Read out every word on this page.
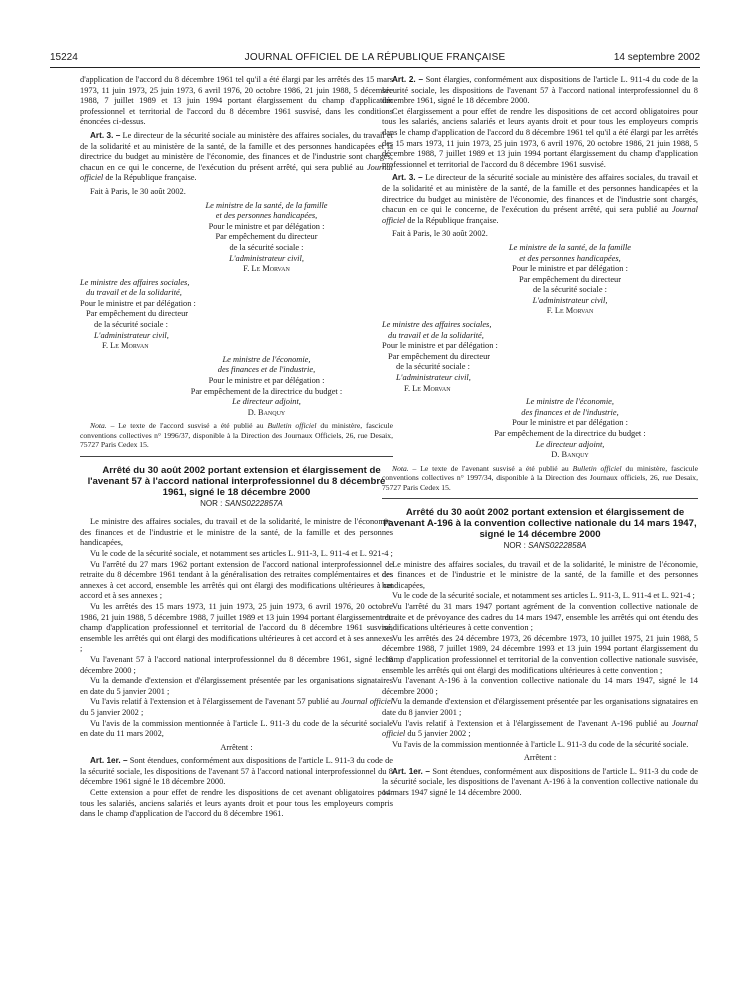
15224	JOURNAL OFFICIEL DE LA RÉPUBLIQUE FRANÇAISE	14 septembre 2002

d'application de l'accord du 8 décembre 1961 tel qu'il a été élargi par les arrêtés des 15 mars 1973, 11 juin 1973, 25 juin 1973, 6 avril 1976, 20 octobre 1986, 21 juin 1988, 5 décembre 1988, 7 juillet 1989 et 13 juin 1994 portant élargissement du champ d'application professionnel et territorial de l'accord du 8 décembre 1961 susvisé, dans les conditions énoncées ci-dessus.

Art. 3. – Le directeur de la sécurité sociale au ministère des affaires sociales, du travail et de la solidarité et au ministère de la santé, de la famille et des personnes handicapées et la directrice du budget au ministère de l'économie, des finances et de l'industrie sont chargés, chacun en ce qui le concerne, de l'exécution du présent arrêté, qui sera publié au Journal officiel de la République française.

Fait à Paris, le 30 août 2002.

Le ministre de la santé, de la famille
et des personnes handicapées,
Pour le ministre et par délégation :
Par empêchement du directeur
de la sécurité sociale :
L'administrateur civil,
F. Le Morvan
Le ministre des affaires sociales,
du travail et de la solidarité,
Pour le ministre et par délégation :
Par empêchement du directeur
de la sécurité sociale :
L'administrateur civil,
F. Le Morvan
Le ministre de l'économie,
des finances et de l'industrie,
Pour le ministre et par délégation :
Par empêchement de la directrice du budget :
Le directeur adjoint,
D. Banquy

Nota. – Le texte de l'accord susvisé a été publié au Bulletin officiel du ministère, fascicule conventions collectives n° 1996/37, disponible à la Direction des Journaux Officiels, 26, rue Desaix, 75727 Paris Cedex 15.

Arrêté du 30 août 2002 portant extension et élargissement de l'avenant 57 à l'accord national interprofessionnel du 8 décembre 1961, signé le 18 décembre 2000

NOR : SANS0222857A

Le ministre des affaires sociales, du travail et de la solidarité, le ministre de l'économie, des finances et de l'industrie et le ministre de la santé, de la famille et des personnes handicapées,

Vu le code de la sécurité sociale, et notamment ses articles L. 911-3, L. 911-4 et L. 921-4 ;

Vu l'arrêté du 27 mars 1962 portant extension de l'accord national interprofessionnel de retraite du 8 décembre 1961 tendant à la généralisation des retraites complémentaires et des annexes à cet accord, ensemble les arrêtés qui ont élargi des modifications ultérieures à cet accord et à ses annexes ;

Vu les arrêtés des 15 mars 1973, 11 juin 1973, 25 juin 1973, 6 avril 1976, 20 octobre 1986, 21 juin 1988, 5 décembre 1988, 7 juillet 1989 et 13 juin 1994 portant élargissement du champ d'application professionnel et territorial de l'accord du 8 décembre 1961 susvisé, ensemble les arrêtés qui ont élargi des modifications ultérieures à cet accord et à ses annexes ;

Vu l'avenant 57 à l'accord national interprofessionnel du 8 décembre 1961, signé le 18 décembre 2000 ;

Vu la demande d'extension et d'élargissement présentée par les organisations signataires en date du 5 janvier 2001 ;

Vu l'avis relatif à l'extension et à l'élargissement de l'avenant 57 publié au Journal officiel du 5 janvier 2002 ;

Vu l'avis de la commission mentionnée à l'article L. 911-3 du code de la sécurité sociale en date du 11 mars 2002,

Arrêtent :

Art. 1er. – Sont étendues, conformément aux dispositions de l'article L. 911-3 du code de la sécurité sociale, les dispositions de l'avenant 57 à l'accord national interprofessionnel du 8 décembre 1961 signé le 18 décembre 2000.

Cette extension a pour effet de rendre les dispositions de cet avenant obligatoires pour tous les salariés, anciens salariés et leurs ayants droit et pour tous les employeurs compris dans le champ d'application de l'accord du 8 décembre 1961.

Art. 2. – Sont élargies, conformément aux dispositions de l'article L. 911-4 du code de la sécurité sociale, les dispositions de l'avenant 57 à l'accord national interprofessionnel du 8 décembre 1961, signé le 18 décembre 2000.

Cet élargissement a pour effet de rendre les dispositions de cet accord obligatoires pour tous les salariés, anciens salariés et leurs ayants droit et pour tous les employeurs compris dans le champ d'application de l'accord du 8 décembre 1961 tel qu'il a été élargi par les arrêtés des 15 mars 1973, 11 juin 1973, 25 juin 1973, 6 avril 1976, 20 octobre 1986, 21 juin 1988, 5 décembre 1988, 7 juillet 1989 et 13 juin 1994 portant élargissement du champ d'application professionnel et territorial de l'accord du 8 décembre 1961 susvisé.

Art. 3. – Le directeur de la sécurité sociale au ministère des affaires sociales, du travail et de la solidarité et au ministère de la santé, de la famille et des personnes handicapées et la directrice du budget au ministère de l'économie, des finances et de l'industrie sont chargés, chacun en ce qui le concerne, de l'exécution du présent arrêté, qui sera publié au Journal officiel de la République française.

Fait à Paris, le 30 août 2002.

Le ministre de la santé, de la famille
et des personnes handicapées,
Pour le ministre et par délégation :
Par empêchement du directeur
de la sécurité sociale :
L'administrateur civil,
F. Le Morvan
Le ministre des affaires sociales,
du travail et de la solidarité,
Pour le ministre et par délégation :
Par empêchement du directeur
de la sécurité sociale :
L'administrateur civil,
F. Le Morvan
Le ministre de l'économie,
des finances et de l'industrie,
Pour le ministre et par délégation :
Par empêchement de la directrice du budget :
Le directeur adjoint,
D. Banquy

Nota. – Le texte de l'avenant susvisé a été publié au Bulletin officiel du ministère, fascicule conventions collectives n° 1997/34, disponible à la Direction des Journaux officiels, 26, rue Desaix, 75727 Paris Cedex 15.

Arrêté du 30 août 2002 portant extension et élargissement de l'avenant A-196 à la convention collective nationale du 14 mars 1947, signé le 14 décembre 2000

NOR : SANS0222858A

Le ministre des affaires sociales, du travail et de la solidarité, le ministre de l'économie, des finances et de l'industrie et le ministre de la santé, de la famille et des personnes handicapées,

Vu le code de la sécurité sociale, et notamment ses articles L. 911-3, L. 911-4 et L. 921-4 ;

Vu l'arrêté du 31 mars 1947 portant agrément de la convention collective nationale de retraite et de prévoyance des cadres du 14 mars 1947, ensemble les arrêtés qui ont étendu des modifications ultérieures à cette convention ;

Vu les arrêtés des 24 décembre 1973, 26 décembre 1973, 10 juillet 1975, 21 juin 1988, 5 décembre 1988, 7 juillet 1989, 24 décembre 1993 et 13 juin 1994 portant élargissement du champ d'application professionnel et territorial de la convention collective nationale susvisée, ensemble les arrêtés qui ont élargi des modifications ultérieures à cette convention ;

Vu l'avenant A-196 à la convention collective nationale du 14 mars 1947, signé le 14 décembre 2000 ;

Vu la demande d'extension et d'élargissement présentée par les organisations signataires en date du 8 janvier 2001 ;

Vu l'avis relatif à l'extension et à l'élargissement de l'avenant A-196 publié au Journal officiel du 5 janvier 2002 ;

Vu l'avis de la commission mentionnée à l'article L. 911-3 du code de la sécurité sociale.

Arrêtent :

Art. 1er. – Sont étendues, conformément aux dispositions de l'article L. 911-3 du code de la sécurité sociale, les dispositions de l'avenant A-196 à la convention collective nationale du 14 mars 1947 signé le 14 décembre 2000.
